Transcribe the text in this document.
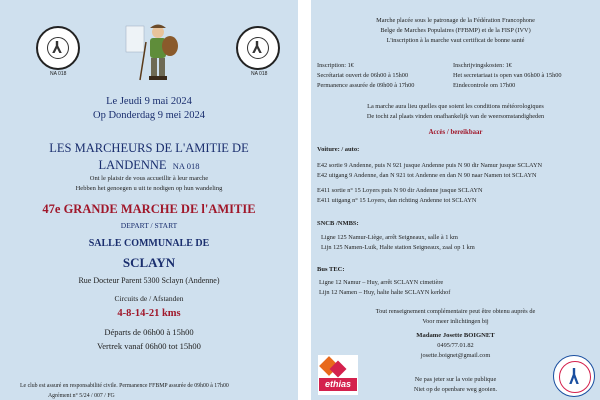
NA 018	NA 018
Le Jeudi 9 mai 2024
Op Donderdag 9 mei 2024
LES MARCHEURS DE L'AMITIE DE
LANDENNE NA 018
Ont le plaisir de vous accueillir à leur marche
Hebben het genoegen u uit te nodigen op hun wandeling
47e GRANDE MARCHE DE l'AMITIE
DEPART / START
SALLE COMMUNALE DE
SCLAYN
Rue Docteur Parent 5300 Sclayn (Andenne)
Circuits de / Afstanden
4-8-14-21 kms
Départs de 06h00 à 15h00
Vertrek vanaf 06h00 tot 15h00
Le club est assuré en responsabilité civile. Permanence FFBMP assurée de 09h00 à 17h00
Agrément n° 5/24 / 007 / FG
Marche placée sous le patronage de la Fédération Francophone
Belge de Marches Populaires (FFBMP) et de la FISP (IVV)
L'inscription à la marche vaut certificat de bonne santé
Inscription: 1€
Secrétariat ouvert de 06h00 à 15h00
Permanence assurée de 09h00 à 17h00
Inschrijvingskosten: 1€
Het secretariaat is open van 06h00 à 15h00
Eindecontrole om 17h00
La marche aura lieu quelles que soient les conditions météorologiques
De tocht zal plaats vinden onafhankelijk van de weersomstandigheden
Accès / bereikbaar
Voiture: / auto:
E42 sortie 9 Andenne, puis N 921 jusque Andenne puis N 90 dir Namur jusque SCLAYN
E42 uitgang 9 Andenne, dan N 921 tot Andenne en dan N 90 naar Namen tot SCLAYN
E411 sortie n° 15 Loyers puis N 90 dir Andenne jusque SCLAYN
E411 uitgang n° 15 Loyers, dan richting Andenne tot SCLAYN
SNCB /NMBS:
Ligne 125 Namur-Liège, arrêt Seigneaux, salle à 1 km
Lijn 125 Namen-Luik, Halte station Seigneaux, zaal op 1 km
Bus TEC:
Ligne 12 Namur – Huy, arrêt SCLAYN cimetière
Lijn 12 Namen – Huy, halte halte SCLAYN kerkhof
Tout renseignement complémentaire peut être obtenu auprès de
Voor meer inlichtingen bij
Madame Josette BOIGNET
0495/77.01.82
josette.boignet@gmail.com
ethias	Ne pas jeter sur la voie publique
Niet op de openbare weg gooien.
